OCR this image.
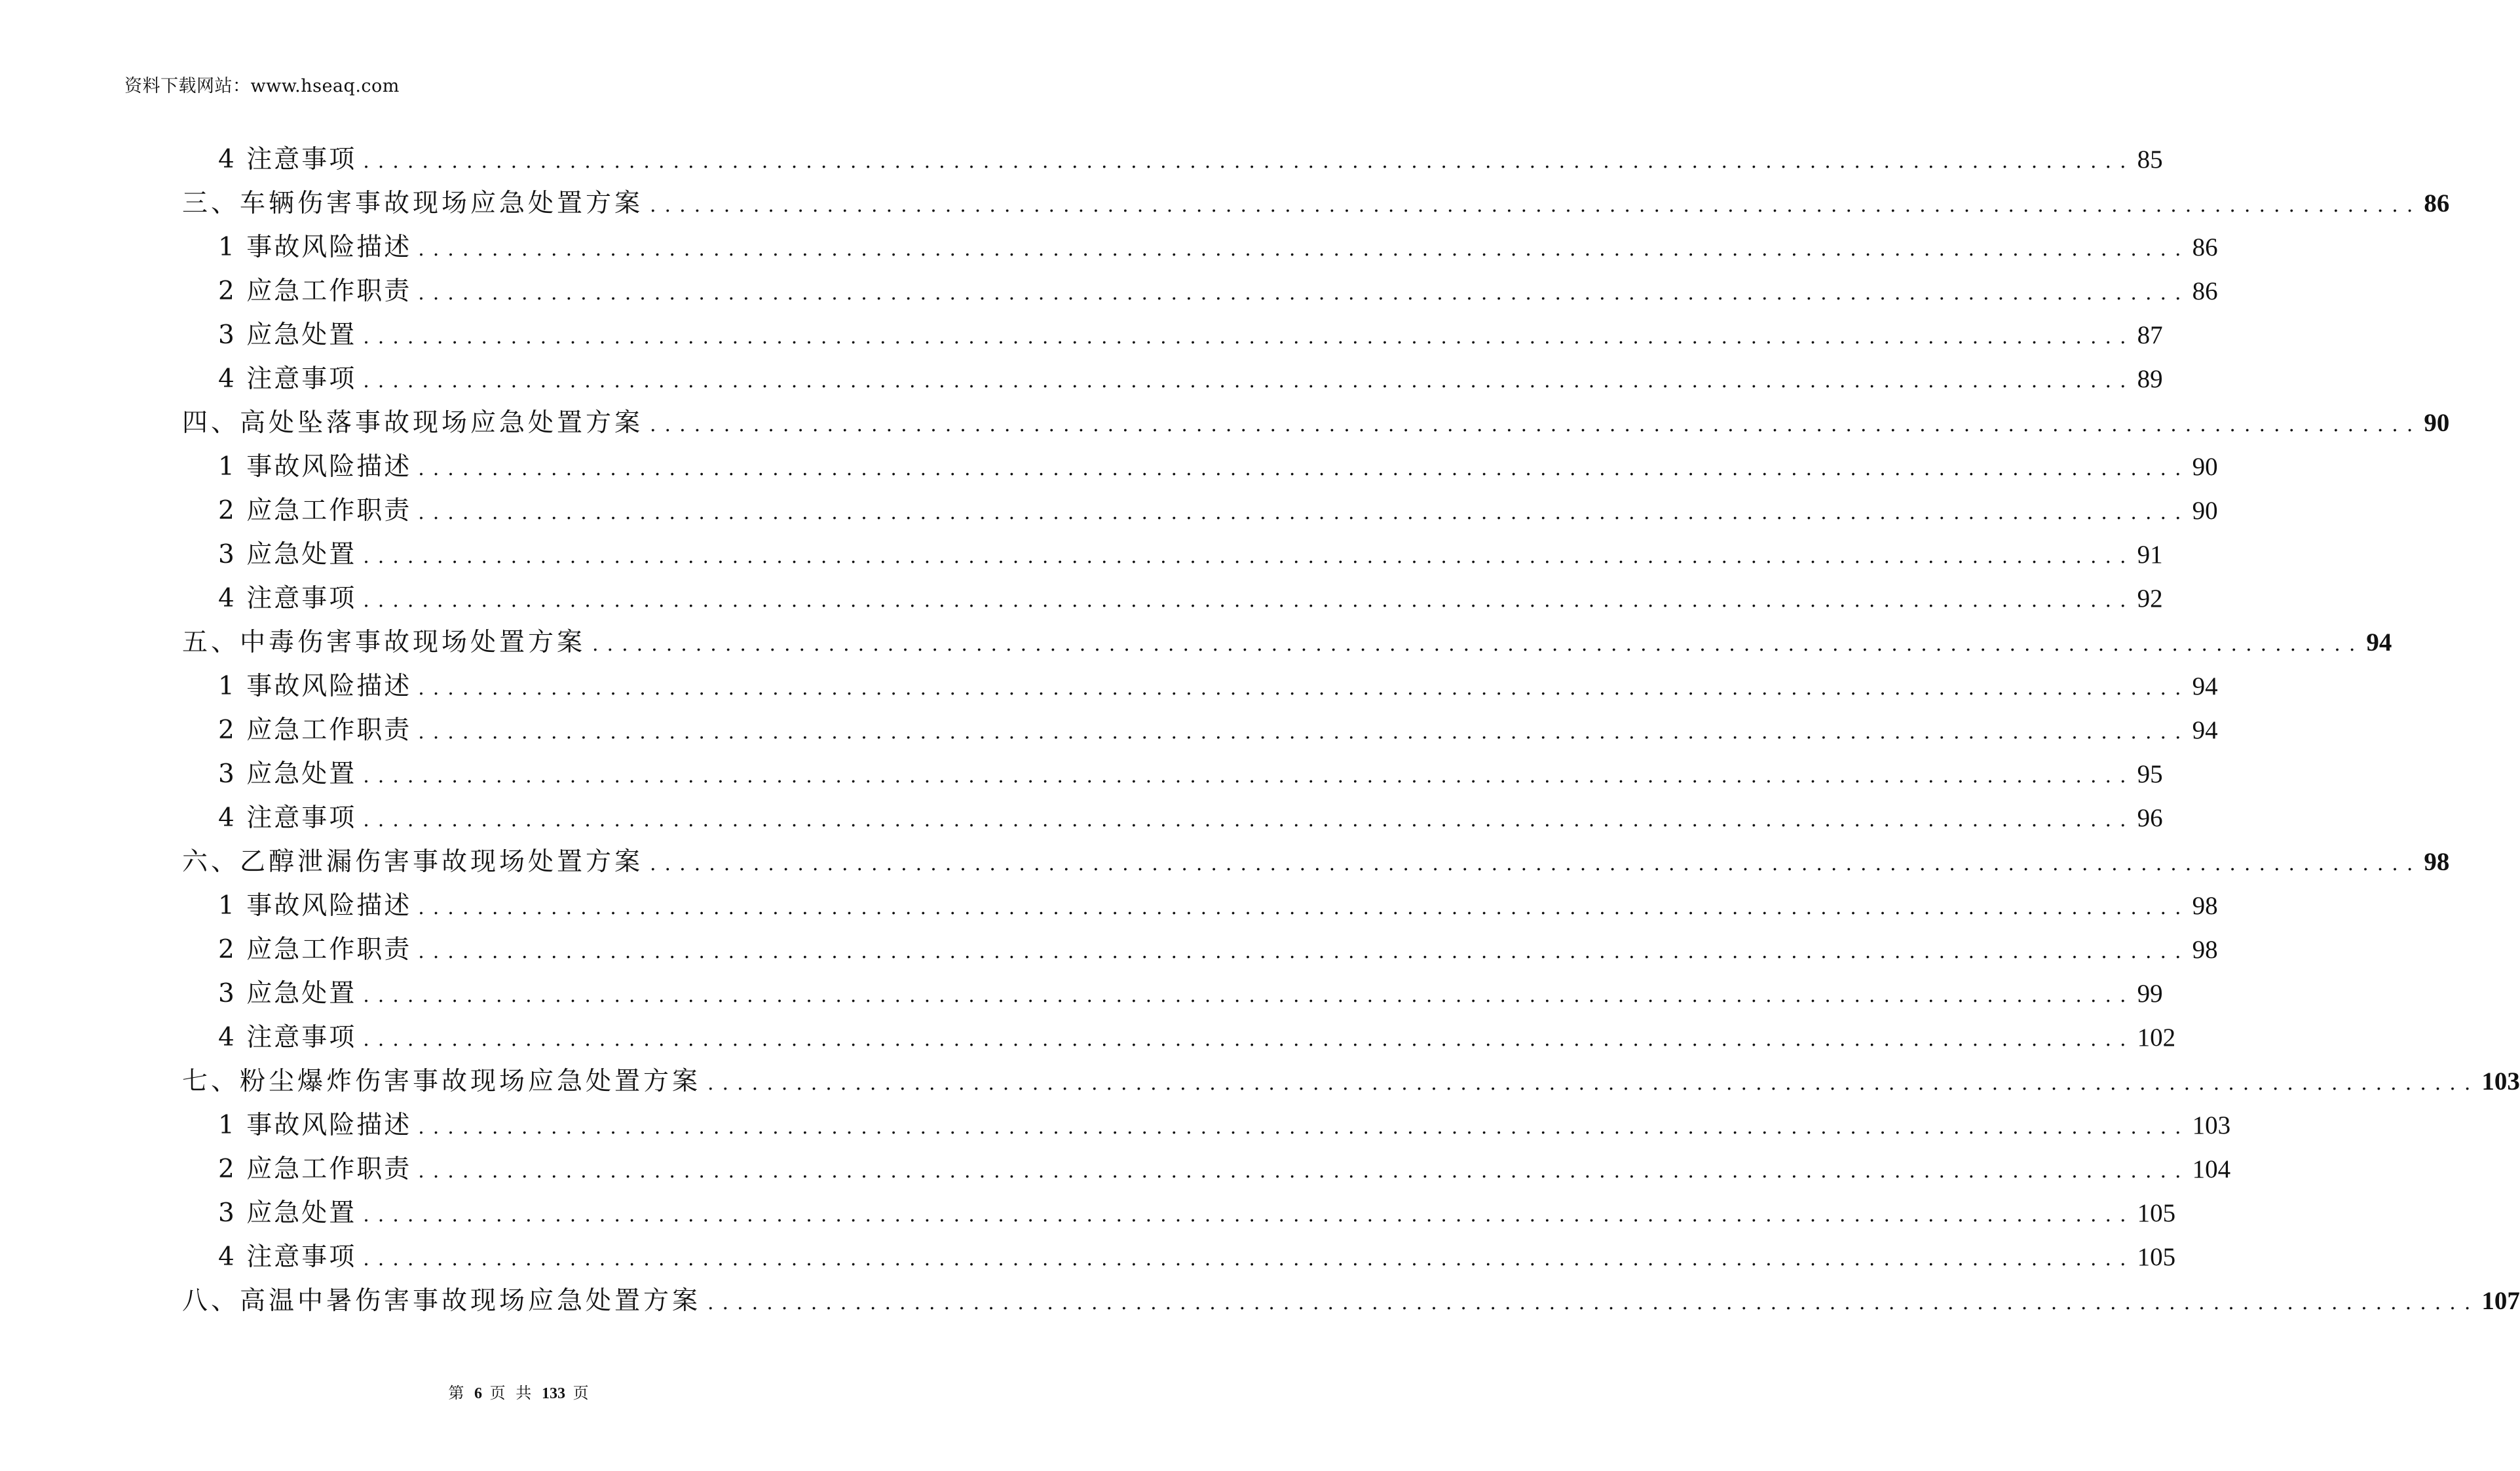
资料下载网站：www.hseaq.com
4 注意事项 ........................................................................................................................ 85
三、车辆伤害事故现场应急处置方案 ........................................................................................................................ 86
1 事故风险描述 ........................................................................................................................ 86
2 应急工作职责 ........................................................................................................................ 86
3 应急处置 ........................................................................................................................ 87
4 注意事项 ........................................................................................................................ 89
四、高处坠落事故现场应急处置方案 ........................................................................................................................ 90
1 事故风险描述 ........................................................................................................................ 90
2 应急工作职责 ........................................................................................................................ 90
3 应急处置 ........................................................................................................................ 91
4 注意事项 ........................................................................................................................ 92
五、中毒伤害事故现场处置方案 ........................................................................................................................ 94
1 事故风险描述 ........................................................................................................................ 94
2 应急工作职责 ........................................................................................................................ 94
3 应急处置 ........................................................................................................................ 95
4 注意事项 ........................................................................................................................ 96
六、乙醇泄漏伤害事故现场处置方案 ........................................................................................................................ 98
1 事故风险描述 ........................................................................................................................ 98
2 应急工作职责 ........................................................................................................................ 98
3 应急处置 ........................................................................................................................ 99
4 注意事项 ........................................................................................................................ 102
七、粉尘爆炸伤害事故现场应急处置方案 ........................................................................................................................ 103
1 事故风险描述 ........................................................................................................................ 103
2 应急工作职责 ........................................................................................................................ 104
3 应急处置 ........................................................................................................................ 105
4 注意事项 ........................................................................................................................ 105
八、高温中暑伤害事故现场应急处置方案 ........................................................................................................................ 107
第 6 页 共 133 页
